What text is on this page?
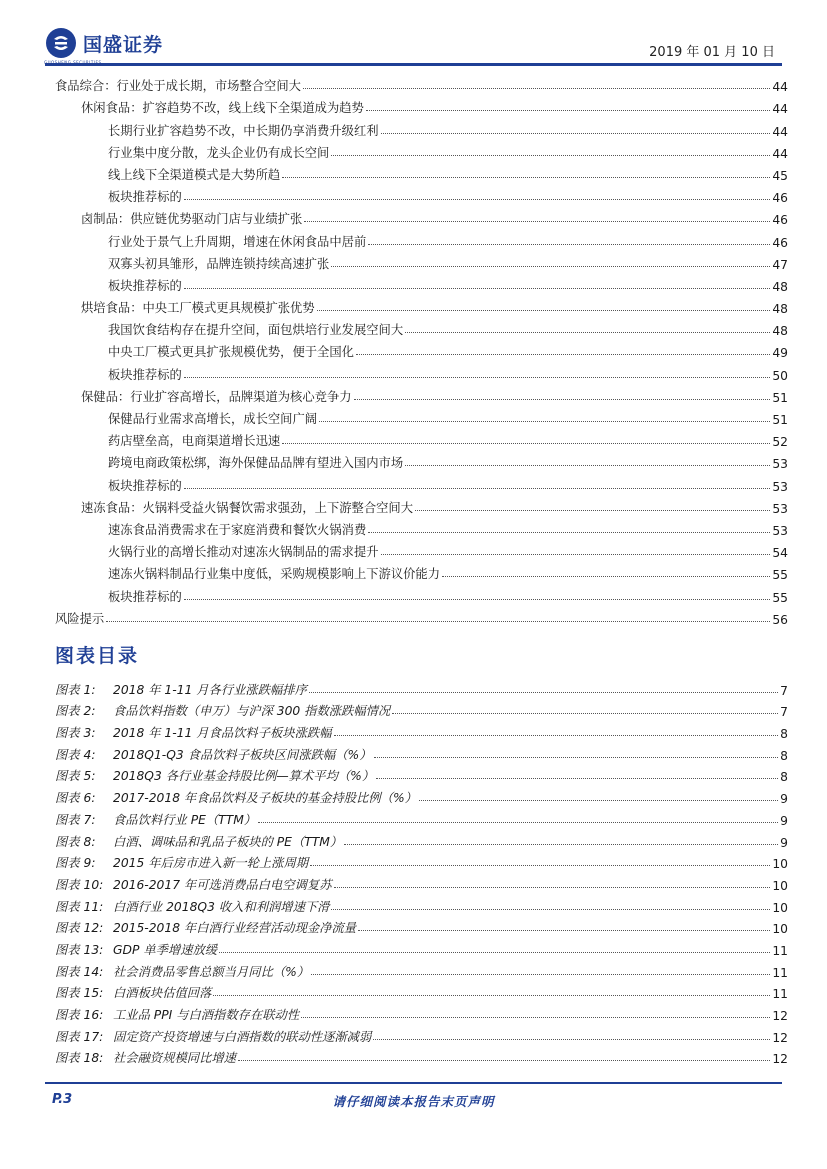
国盛证券	2019 年 01 月 10 日
食品综合：行业处于成长期，市场整合空间大	44
休闲食品：扩容趋势不改，线上线下全渠道成为趋势	44
长期行业扩容趋势不改，中长期仍享消费升级红利	44
行业集中度分散，龙头企业仍有成长空间	44
线上线下全渠道模式是大势所趋	45
板块推荐标的	46
卤制品：供应链优势驱动门店与业绩扩张	46
行业处于景气上升周期，增速在休闲食品中居前	46
双寡头初具雏形，品牌连锁持续高速扩张	47
板块推荐标的	48
烘培食品：中央工厂模式更具规模扩张优势	48
我国饮食结构存在提升空间，面包烘培行业发展空间大	48
中央工厂模式更具扩张规模优势，便于全国化	49
板块推荐标的	50
保健品：行业扩容高增长，品牌渠道为核心竞争力	51
保健品行业需求高增长，成长空间广阔	51
药店壁垒高，电商渠道增长迅速	52
跨境电商政策松绑，海外保健品品牌有望进入国内市场	53
板块推荐标的	53
速冻食品：火锅料受益火锅餐饮需求强劲，上下游整合空间大	53
速冻食品消费需求在于家庭消费和餐饮火锅消费	53
火锅行业的高增长推动对速冻火锅制品的需求提升	54
速冻火锅料制品行业集中度低，采购规模影响上下游议价能力	55
板块推荐标的	55
风险提示	56
图表目录
图表 1:	2018 年 1-11 月各行业涨跌幅排序	7
图表 2:	食品饮料指数（申万）与沪深 300 指数涨跌幅情况	7
图表 3:	2018 年 1-11 月食品饮料子板块涨跌幅	8
图表 4:	2018Q1-Q3 食品饮料子板块区间涨跌幅（%）	8
图表 5:	2018Q3 各行业基金持股比例—算术平均（%）	8
图表 6:	2017-2018 年食品饮料及子板块的基金持股比例（%）	9
图表 7:	食品饮料行业 PE（TTM）	9
图表 8:	白酒、调味品和乳品子板块的 PE（TTM）	9
图表 9:	2015 年后房市进入新一轮上涨周期	10
图表 10: 2016-2017 年可选消费品白电空调复苏	10
图表 11: 白酒行业 2018Q3 收入和利润增速下滑	10
图表 12: 2015-2018 年白酒行业经营活动现金净流量	10
图表 13: GDP 单季增速放缓	11
图表 14: 社会消费品零售总额当月同比（%）	11
图表 15: 白酒板块估值回落	11
图表 16: 工业品 PPI 与白酒指数存在联动性	12
图表 17: 固定资产投资增速与白酒指数的联动性逐渐减弱	12
图表 18: 社会融资规模同比增速	12
P.3	请仔细阅读本报告末页声明
